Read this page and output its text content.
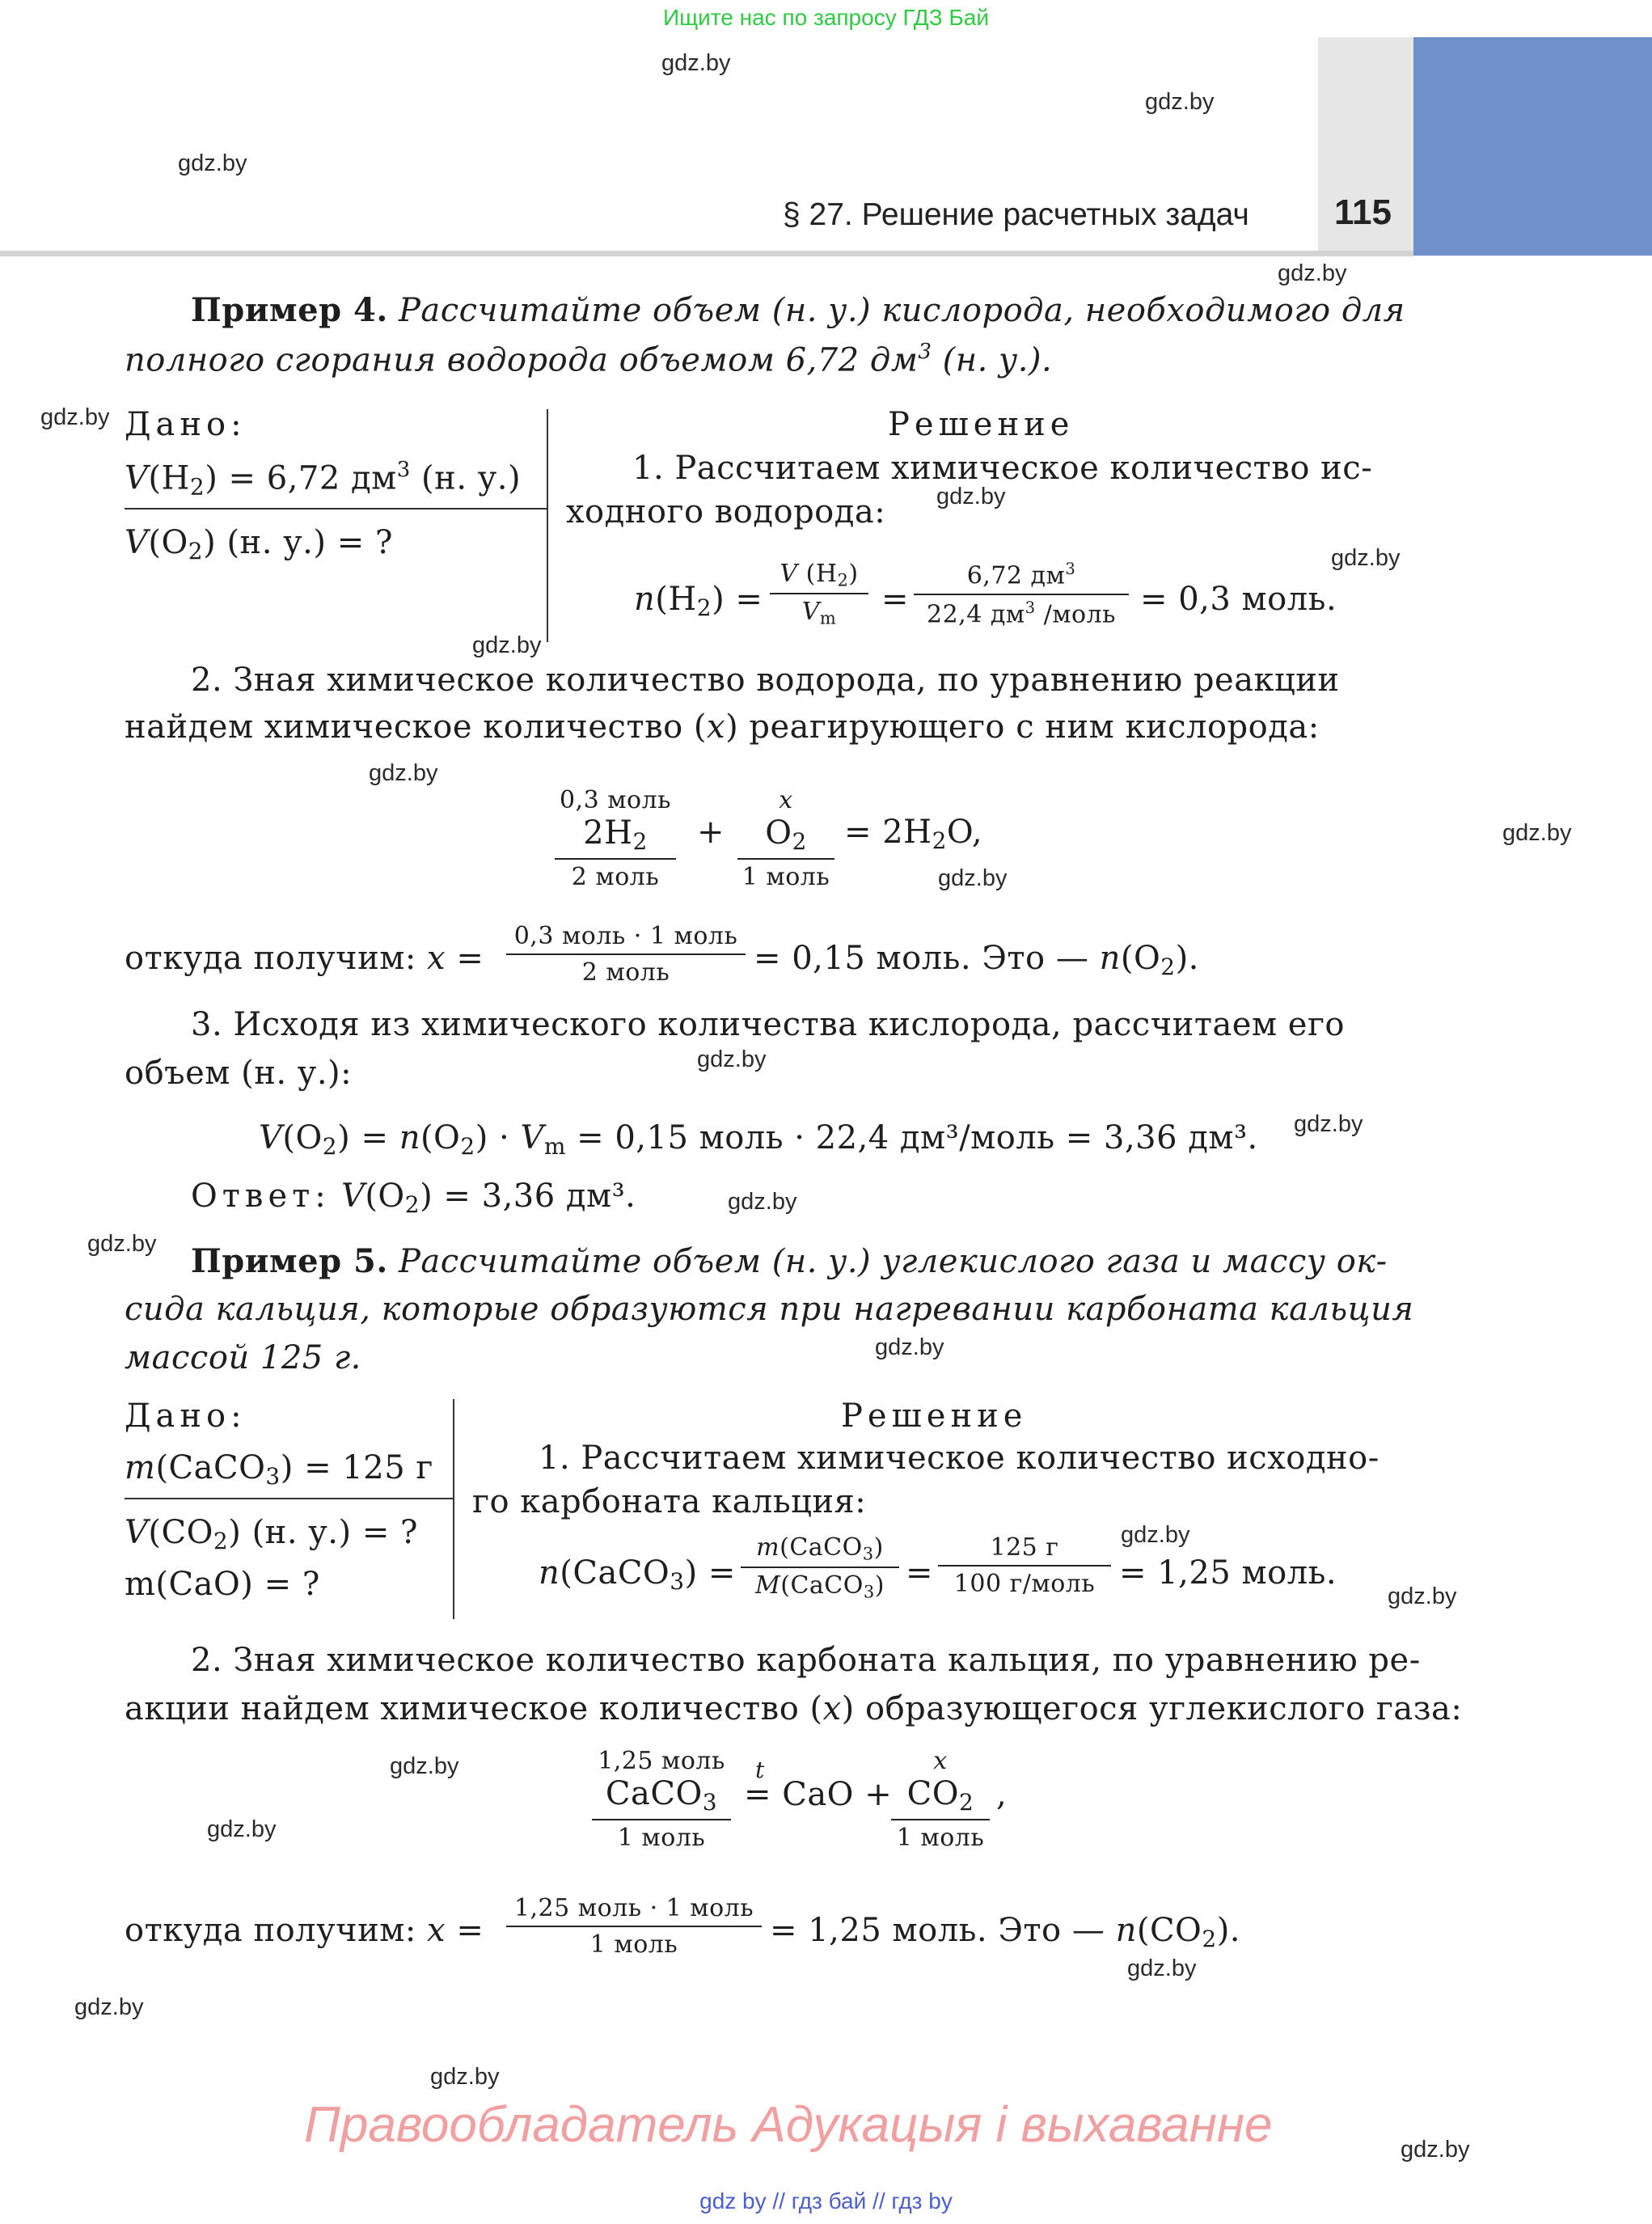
Ищите нас по запросу ГДЗ Бай
§ 27. Решение расчетных задач 115
gdz.by
gdz.by
gdz.by
gdz.by
gdz.by
gdz.by
gdz.by
gdz.by
gdz.by
gdz.by
gdz.by
gdz.by
gdz.by
gdz.by
gdz.by
gdz.by
gdz.by
gdz.by
gdz.by
gdz.by
gdz.by
gdz.by
gdz.by
gdz.by
Пример 4. Рассчитайте объем (н. у.) кислорода, необходимого для
полного сгорания водорода объемом 6,72 $дм^3$ (н. у.).
Дано:
$V(H_2) = 6,72$ $дм^3$ (н. у.)
$V(O_2)$ (н. у.) = ?
Решение
1. Рассчитаем химическое количество ис-
ходного водорода:
$n(H_2)$ =
V $(H_2)$
$V_m$
=
6,72 $дм^3$
22,4 $дм^3$ /моль = 0,3 моль.
2. Зная химическое количество водорода, по уравнению реакции
найдем химическое количество (x) реагирующего с ним кислорода:
0,3 моль
$2H_2$
2 моль
+
x
$O_2$
1 моль
= $2H_2O$,
откуда получим: x =
0,3 моль · 1 моль
2 моль	= 0,15 моль. Это — $n(O_2)$.
3. Исходя из химического количества кислорода, рассчитаем его
объем (н. у.):
$V(O_2) = n(O_2) \cdot V_m = 0,15$ моль · 22,4 дм³/моль = 3,36 дм³.
Ответ: $V(O_2) = 3,36$ дм³.
Пример 5. Рассчитайте объем (н. у.) углекислого газа и массу ок-
сида кальция, которые образуются при нагревании карбоната кальция
массой 125 г.
Дано:
m(CaCO$_3$) = 125 г
$V(CO_2)$ (н. у.) = ?
m(CaO) = ?
Решение
1. Рассчитаем химическое количество исходно-
го карбоната кальция:
n(CaCO$_3$) =
m(CaCO$_3$)
M(CaCO$_3$) =
125 г
100 г/моль = 1,25 моль.
2. Зная химическое количество карбоната кальция, по уравнению ре-
акции найдем химическое количество (x) образующегося углекислого газа:
1,25 моль
CaCO$_3$
1 моль
t
= CaO +
x
$CO_2$
1 моль
,
откуда получим: x =
1,25 моль · 1 моль
1 моль	= 1,25 моль. Это — $n(CO_2)$.
Правообладатель Адукацыя і выхаванне
gdz by // гдз бай // гдз by
